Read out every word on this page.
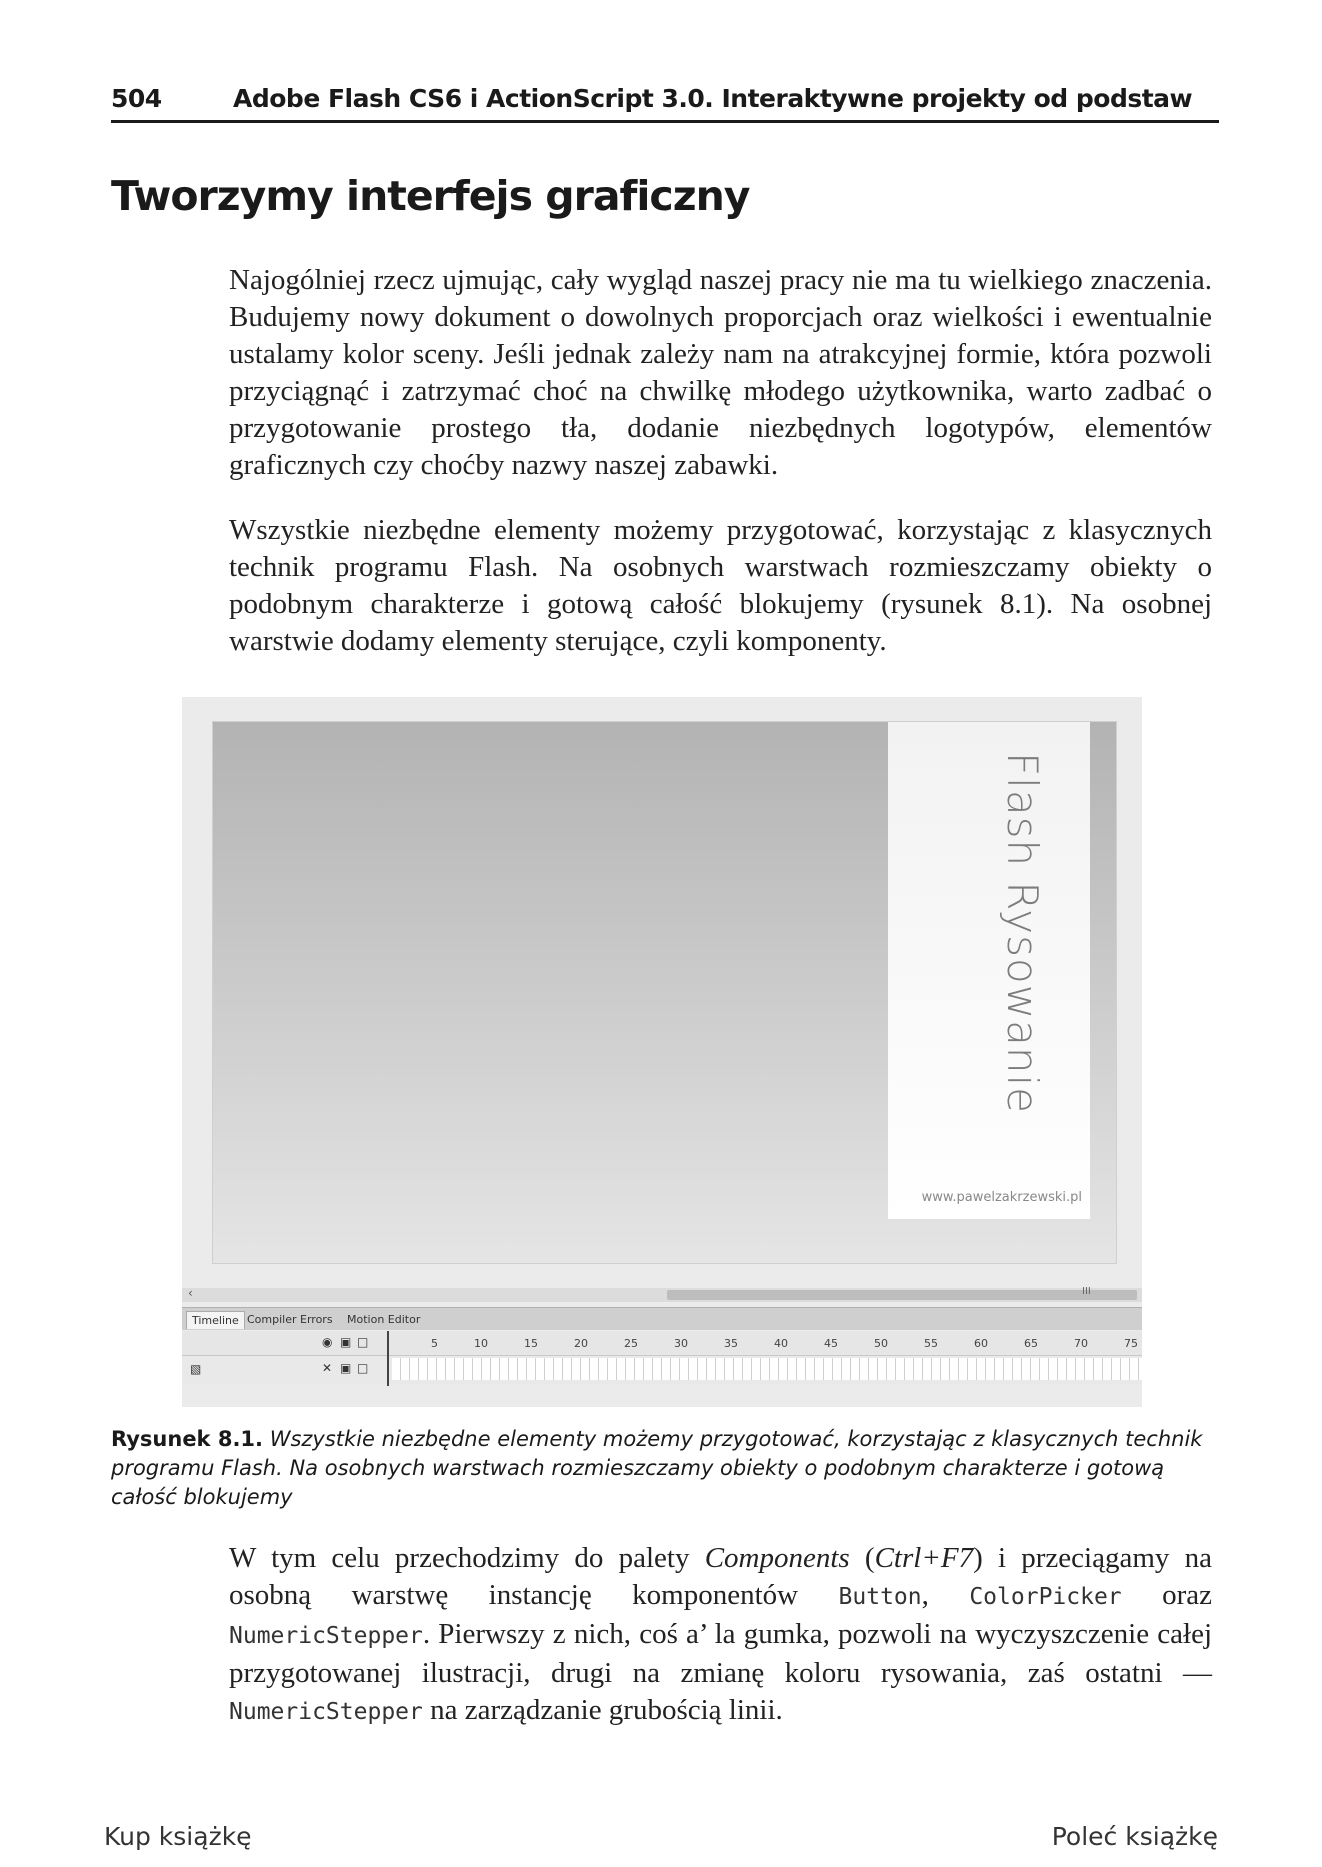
504	Adobe Flash CS6 i ActionScript 3.0. Interaktywne projekty od podstaw
Tworzymy interfejs graficzny

Najogólniej rzecz ujmując, cały wygląd naszej pracy nie ma tu wielkiego znaczenia. Budujemy nowy dokument o dowolnych proporcjach oraz wielkości i ewentualnie ustalamy kolor sceny. Jeśli jednak zależy nam na atrakcyjnej formie, która pozwoli przyciągnąć i zatrzymać choć na chwilkę młodego użytkownika, warto zadbać o przygotowanie prostego tła, dodanie niezbędnych logotypów, elementów graficznych czy choćby nazwy naszej zabawki.

Wszystkie niezbędne elementy możemy przygotować, korzystając z klasycznych technik programu Flash. Na osobnych warstwach rozmieszczamy obiekty o podobnym charakterze i gotową całość blokujemy (rysunek 8.1). Na osobnej warstwie dodamy elementy sterujące, czyli komponenty.

Flash Rysowanie
www.pawelzakrzewski.pl
‹	III
Timeline Compiler Errors	Motion Editor
◉ ▣ □	5	10	15	20	25	30	35	40	45	50	55	60	65	70	75
▧	✕ ▣ □

Rysunek 8.1. Wszystkie niezbędne elementy możemy przygotować, korzystając z klasycznych technik programu Flash. Na osobnych warstwach rozmieszczamy obiekty o podobnym charakterze i gotową całość blokujemy

W tym celu przechodzimy do palety Components (Ctrl+F7) i przeciągamy na osobną warstwę instancję komponentów Button, ColorPicker oraz NumericStepper. Pierwszy z nich, coś a’ la gumka, pozwoli na wyczyszczenie całej przygotowanej ilustracji, drugi na zmianę koloru rysowania, zaś ostatni — NumericStepper na zarządzanie grubością linii.

Kup książkę	Poleć książkę
